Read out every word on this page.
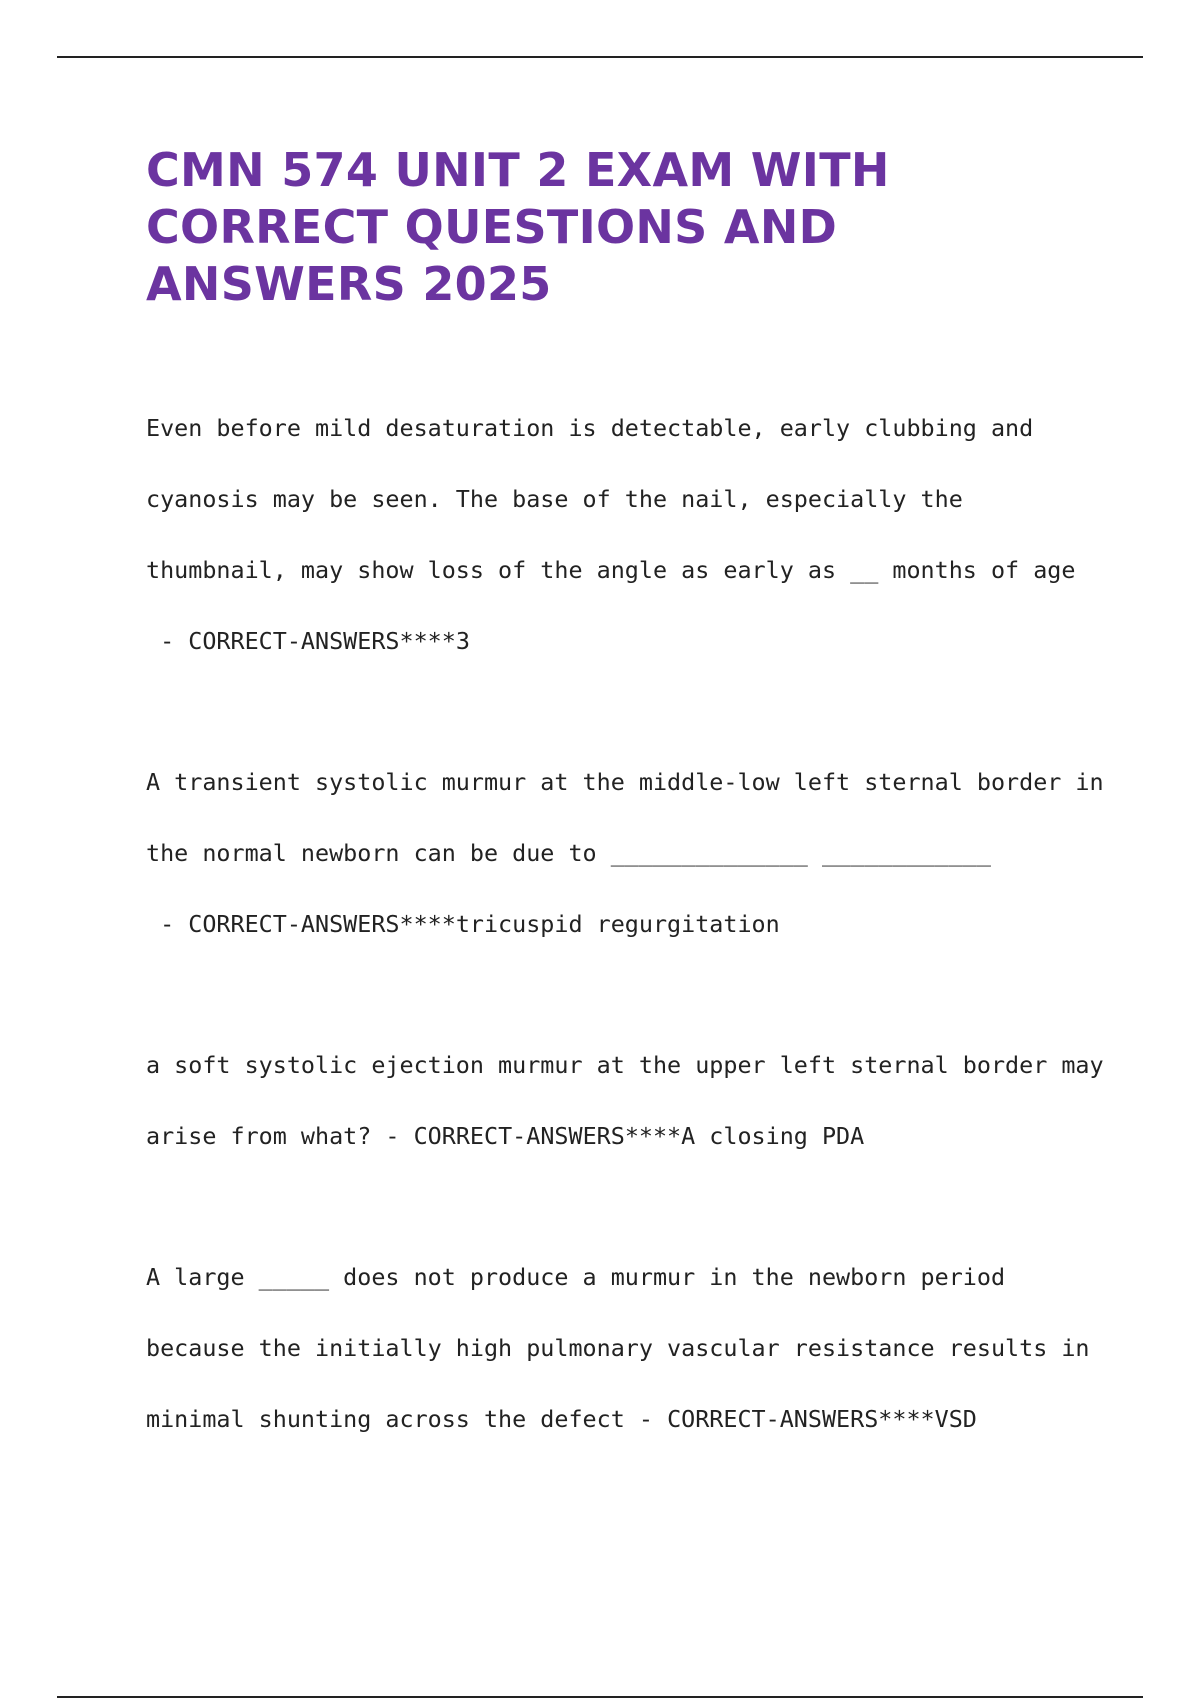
CMN 574 UNIT 2 EXAM WITH CORRECT QUESTIONS AND ANSWERS 2025

Even before mild desaturation is detectable, early clubbing and cyanosis may be seen. The base of the nail, especially the thumbnail, may show loss of the angle as early as __ months of age - CORRECT-ANSWERS****3

A transient systolic murmur at the middle-low left sternal border in the normal newborn can be due to ______________ ____________ - CORRECT-ANSWERS****tricuspid regurgitation

a soft systolic ejection murmur at the upper left sternal border may arise from what? - CORRECT-ANSWERS****A closing PDA

A large _____ does not produce a murmur in the newborn period because the initially high pulmonary vascular resistance results in minimal shunting across the defect - CORRECT-ANSWERS****VSD
